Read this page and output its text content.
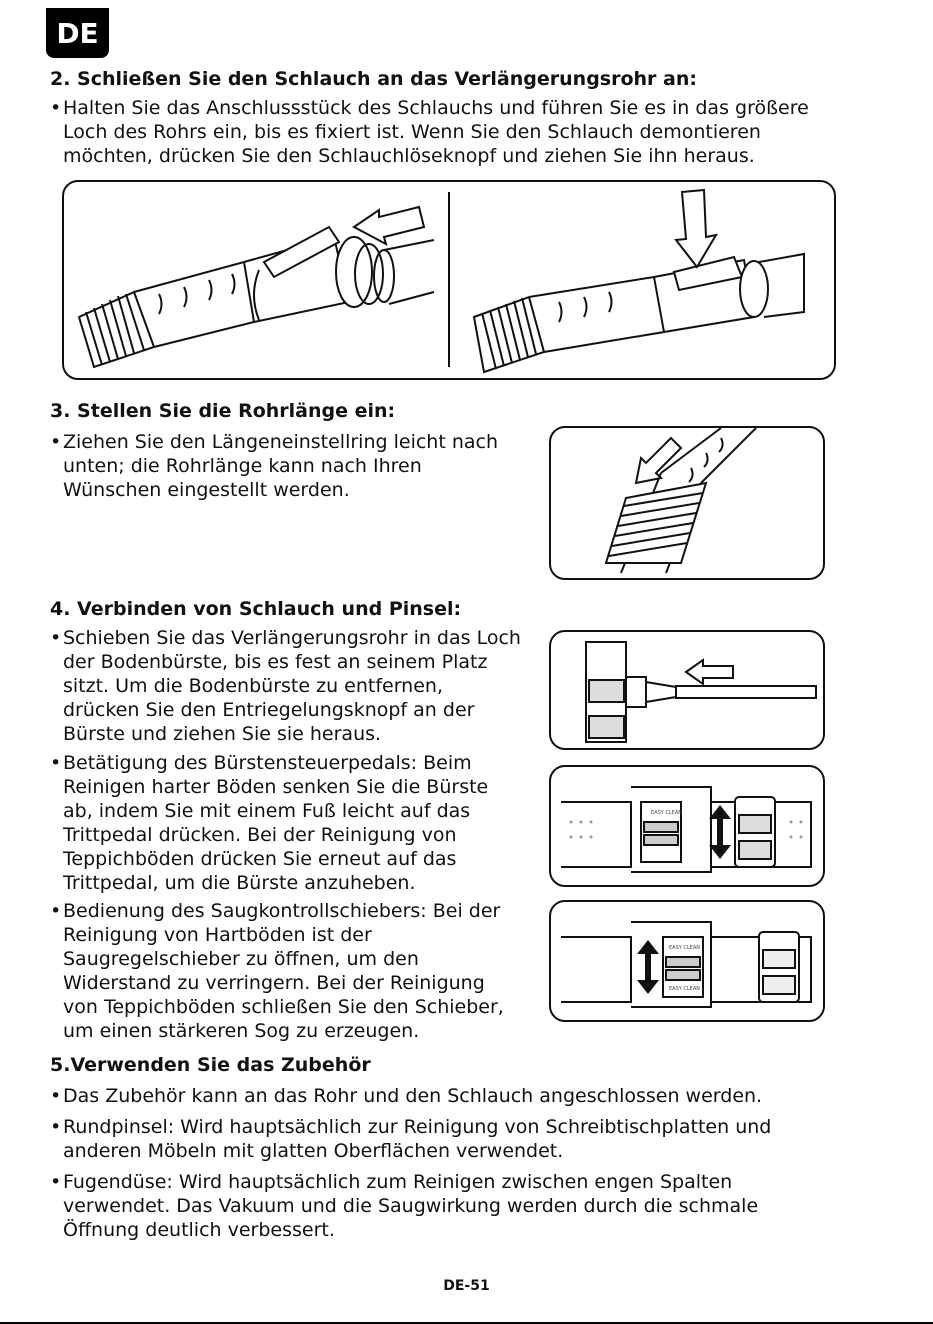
DE
2. Schließen Sie den Schlauch an das Verlängerungsrohr an:

• Halten Sie das Anschlussstück des Schlauchs und führen Sie es in das größere Loch des Rohrs ein, bis es fixiert ist. Wenn Sie den Schlauch demontieren möchten, drücken Sie den Schlauchlöseknopf und ziehen Sie ihn heraus.

3. Stellen Sie die Rohrlänge ein:

• Ziehen Sie den Längeneinstellring leicht nach unten; die Rohrlänge kann nach Ihren Wünschen eingestellt werden.

4. Verbinden von Schlauch und Pinsel:

• Schieben Sie das Verlängerungsrohr in das Loch der Bodenbürste, bis es fest an seinem Platz sitzt. Um die Bodenbürste zu entfernen, drücken Sie den Entriegelungsknopf an der Bürste und ziehen Sie sie heraus.

• Betätigung des Bürstensteuerpedals: Beim Reinigen harter Böden senken Sie die Bürste ab, indem Sie mit einem Fuß leicht auf das Trittpedal drücken. Bei der Reinigung von Teppichböden drücken Sie erneut auf das Trittpedal, um die Bürste anzuheben.

• Bedienung des Saugkontrollschiebers: Bei der Reinigung von Hartböden ist der Saugregelschieber zu öffnen, um den Widerstand zu verringern. Bei der Reinigung von Teppichböden schließen Sie den Schieber, um einen stärkeren Sog zu erzeugen.

EASY CLEAN
EASY CLEAN
EASY CLEAN
5.Verwenden Sie das Zubehör

• Das Zubehör kann an das Rohr und den Schlauch angeschlossen werden.

• Rundpinsel: Wird hauptsächlich zur Reinigung von Schreibtischplatten und anderen Möbeln mit glatten Oberflächen verwendet.

• Fugendüse: Wird hauptsächlich zum Reinigen zwischen engen Spalten verwendet. Das Vakuum und die Saugwirkung werden durch die schmale Öffnung deutlich verbessert.

DE-51
